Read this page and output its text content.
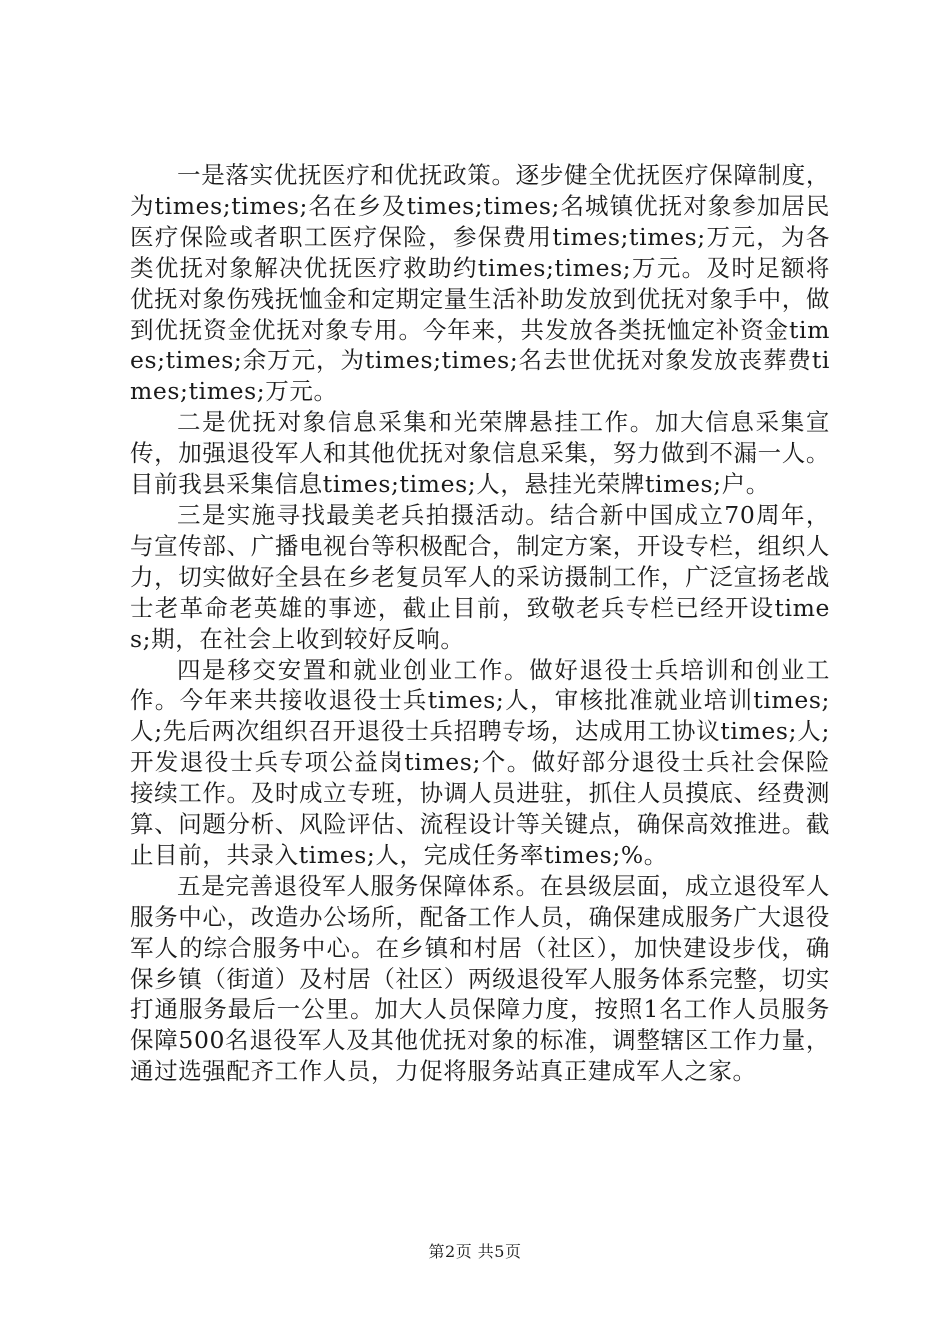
一是落实优抚医疗和优抚政策。逐步健全优抚医疗保障制度，为times;times;名在乡及times;times;名城镇优抚对象参加居民医疗保险或者职工医疗保险，参保费用times;times;万元，为各类优抚对象解决优抚医疗救助约times;times;万元。及时足额将优抚对象伤残抚恤金和定期定量生活补助发放到优抚对象手中，做到优抚资金优抚对象专用。今年来，共发放各类抚恤定补资金times;times;余万元，为times;times;名去世优抚对象发放丧葬费times;times;万元。

二是优抚对象信息采集和光荣牌悬挂工作。加大信息采集宣传，加强退役军人和其他优抚对象信息采集，努力做到不漏一人。目前我县采集信息times;times;人，悬挂光荣牌times;户。

三是实施寻找最美老兵拍摄活动。结合新中国成立70周年，与宣传部、广播电视台等积极配合，制定方案，开设专栏，组织人力，切实做好全县在乡老复员军人的采访摄制工作，广泛宣扬老战士老革命老英雄的事迹，截止目前，致敬老兵专栏已经开设times;期，在社会上收到较好反响。

四是移交安置和就业创业工作。做好退役士兵培训和创业工作。今年来共接收退役士兵times;人，审核批准就业培训times;人;先后两次组织召开退役士兵招聘专场，达成用工协议times;人;开发退役士兵专项公益岗times;个。做好部分退役士兵社会保险接续工作。及时成立专班，协调人员进驻，抓住人员摸底、经费测算、问题分析、风险评估、流程设计等关键点，确保高效推进。截止目前，共录入times;人，完成任务率times;%。

五是完善退役军人服务保障体系。在县级层面，成立退役军人服务中心，改造办公场所，配备工作人员，确保建成服务广大退役军人的综合服务中心。在乡镇和村居（社区），加快建设步伐，确保乡镇（街道）及村居（社区）两级退役军人服务体系完整，切实打通服务最后一公里。加大人员保障力度，按照1名工作人员服务保障500名退役军人及其他优抚对象的标准，调整辖区工作力量，通过选强配齐工作人员，力促将服务站真正建成军人之家。

第2页 共5页
